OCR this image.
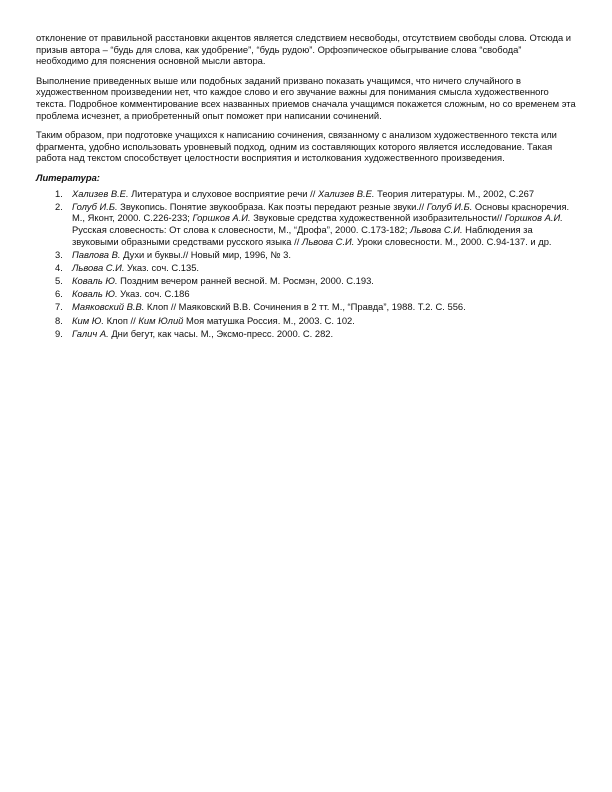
отклонение от правильной расстановки акцентов является следствием несвободы, отсутствием свободы слова. Отсюда и призыв автора – “будь для слова, как удобрение”, “будь рудою”. Орфоэпическое обыгрывание слова “свобода” необходимо для пояснения основной мысли автора.

Выполнение приведенных выше или подобных заданий призвано показать учащимся, что ничего случайного в художественном произведении нет, что каждое слово и его звучание важны для понимания смысла художественного текста. Подробное комментирование всех названных приемов сначала учащимся покажется сложным, но со временем эта проблема исчезнет, а приобретенный опыт поможет при написании сочинений.

Таким образом, при подготовке учащихся к написанию сочинения, связанному с анализом художественного текста или фрагмента, удобно использовать уровневый подход, одним из составляющих которого является исследование. Такая работа над текстом способствует целостности восприятия и истолкования художественного произведения.

Литература:

1. Хализев В.Е. Литература и слуховое восприятие речи // Хализев В.Е. Теория литературы. М., 2002, С.267
2. Голуб И.Б. Звукопись. Понятие звукообраза. Как поэты передают резные звуки.// Голуб И.Б. Основы красноречия. М., Яконт, 2000. С.226-233; Горшков А.И. Звуковые средства художественной изобразительности// Горшков А.И. Русская словесность: От слова к словесности, М., “Дрофа”, 2000. С.173-182; Львова С.И. Наблюдения за звуковыми образными средствами русского языка // Львова С.И. Уроки словесности. М., 2000. С.94-137. и др.
3. Павлова В. Духи и буквы.// Новый мир, 1996, № 3.
4. Львова С.И. Указ. соч. С.135.
5. Коваль Ю. Поздним вечером ранней весной. М. Росмэн, 2000. С.193.
6. Коваль Ю. Указ. соч. С.186
7. Маяковский В.В. Клоп // Маяковский В.В. Сочинения в 2 тт. М., “Правда”, 1988. Т.2. С. 556.
8. Ким Ю. Клоп // Ким Юлий Моя матушка Россия. М., 2003. С. 102.
9. Галич А. Дни бегут, как часы. М., Эксмо-пресс. 2000. С. 282.
